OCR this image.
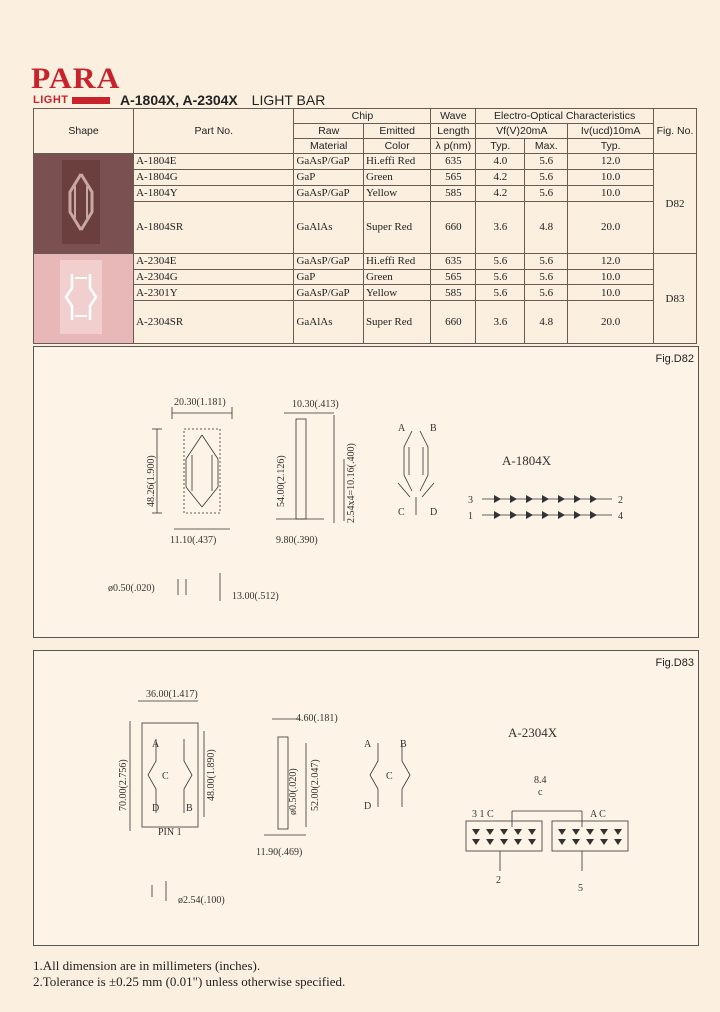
PARA
LIGHT	A-1804X, A-2304X LIGHT BAR
Shape	Part No.	Chip		Wave	Electro-Optical Characteristics			Fig. No.
		Raw	Emitted	Length	Vf(V)20mA		Iv(ucd)10mA	
		Material	Color	λ p(nm)	Typ.	Max.	Typ.	
	A-1804E	GaAsP/GaP	Hi.effi Red	635	4.0	5.6	12.0	D82
	A-1804G	GaP	Green	565	4.2	5.6	10.0	
	A-1804Y	GaAsP/GaP	Yellow	585	4.2	5.6	10.0	
	A-1804SR	GaAlAs	Super Red	660	3.6	4.8	20.0	
	A-2304E	GaAsP/GaP	Hi.effi Red	635	5.6	5.6	12.0	D83
	A-2304G	GaP	Green	565	5.6	5.6	10.0	
	A-2301Y	GaAsP/GaP	Yellow	585	5.6	5.6	10.0	
	A-2304SR	GaAlAs	Super Red	660	3.6	4.8	20.0	
Fig.D82
20.30(1.181)
48.26(1.900)
10.30(.413)
54.00(2.126)	2.54x4=10.16(.400)
11.10(.437)	9.80(.390)
ø0.50(.020)
13.00(.512)
A B
C	D
3
1
2
4
A-1804X
Fig.D83
36.00(1.417)
70.00(2.756)	48.00(1.890)
4.60(.181)
ø0.50(.020) 52.00(2.047)
11.90(.469)
ø2.54(.100)
PIN 1
A
B
C
D
A	B
C
D
8.4
c
3 1 C	A C
2
5
A-2304X
1.All dimension are in millimeters (inches).
2.Tolerance is ±0.25 mm (0.01") unless otherwise specified.
